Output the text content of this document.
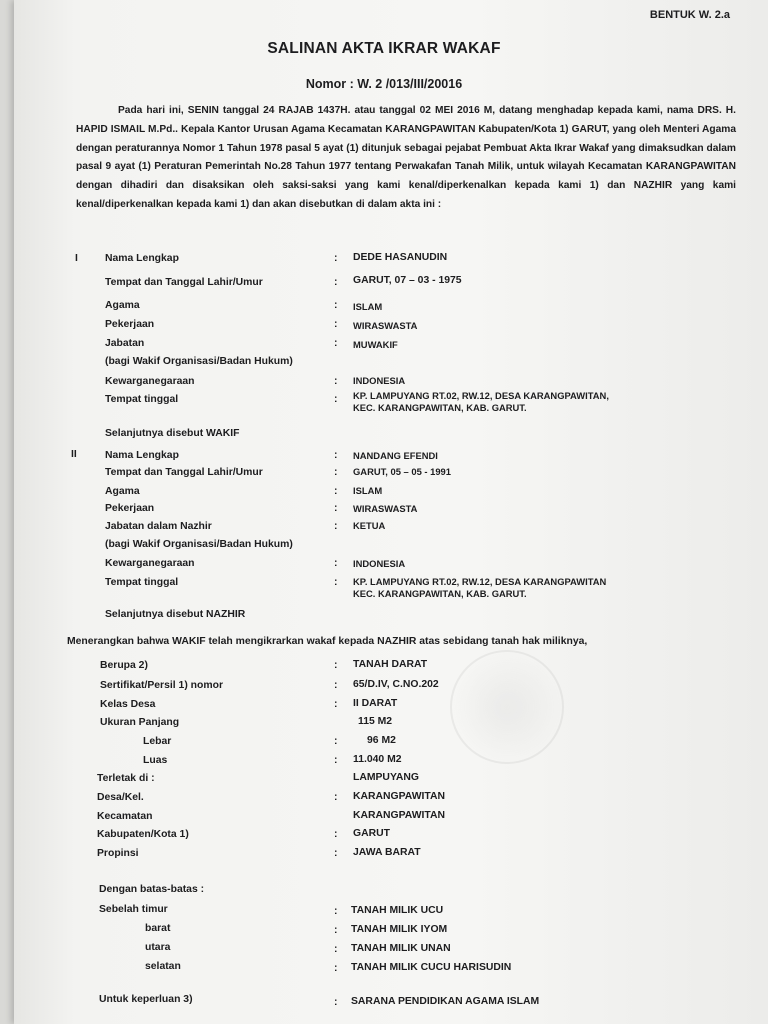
BENTUK W. 2.a
SALINAN AKTA IKRAR WAKAF
Nomor : W. 2 /013/III/20016
Pada hari ini, SENIN tanggal 24 RAJAB 1437H. atau tanggal 02 MEI 2016 M, datang menghadap kepada kami, nama DRS. H. HAPID ISMAIL M.Pd.. Kepala Kantor Urusan Agama Kecamatan KARANGPAWITAN Kabupaten/Kota 1) GARUT, yang oleh Menteri Agama dengan peraturannya Nomor 1 Tahun 1978 pasal 5 ayat (1) ditunjuk sebagai pejabat Pembuat Akta Ikrar Wakaf yang dimaksudkan dalam pasal 9 ayat (1) Peraturan Pemerintah No.28 Tahun 1977 tentang Perwakafan Tanah Milik, untuk wilayah Kecamatan KARANGPAWITAN dengan dihadiri dan disaksikan oleh saksi-saksi yang kami kenal/diperkenalkan kepada kami 1) dan NAZHIR yang kami kenal/diperkenalkan kepada kami 1) dan akan disebutkan di dalam akta ini :
I	Nama Lengkap	: DEDE HASANUDIN
Tempat dan Tanggal Lahir/Umur	: GARUT, 07 – 03 - 1975
Agama	: ISLAM
Pekerjaan	: WIRASWASTA
Jabatan	: MUWAKIF
(bagi Wakif Organisasi/Badan Hukum)
Kewarganegaraan	: INDONESIA
Tempat tinggal	: KP. LAMPUYANG RT.02, RW.12, DESA KARANGPAWITAN,
KEC. KARANGPAWITAN, KAB. GARUT.
Selanjutnya disebut WAKIF
II	Nama Lengkap	: NANDANG EFENDI
Tempat dan Tanggal Lahir/Umur	: GARUT, 05 – 05 - 1991
Agama	: ISLAM
Pekerjaan	: WIRASWASTA
Jabatan dalam Nazhir	: KETUA
(bagi Wakif Organisasi/Badan Hukum)
Kewarganegaraan	: INDONESIA
Tempat tinggal	: KP. LAMPUYANG RT.02, RW.12, DESA KARANGPAWITAN
KEC. KARANGPAWITAN, KAB. GARUT.
Selanjutnya disebut NAZHIR
Menerangkan bahwa WAKIF telah mengikrarkan wakaf kepada NAZHIR atas sebidang tanah hak miliknya,
Berupa 2)	: TANAH DARAT
Sertifikat/Persil 1) nomor	: 65/D.IV, C.NO.202
Kelas Desa	: II DARAT
Ukuran Panjang	115 M2
Lebar	:	96 M2
Luas	: 11.040 M2
Terletak di :	LAMPUYANG
Desa/Kel.	: KARANGPAWITAN
Kecamatan	KARANGPAWITAN
Kabupaten/Kota 1)	: GARUT
Propinsi	: JAWA BARAT
Dengan batas-batas :
Sebelah timur	: TANAH MILIK UCU
barat	: TANAH MILIK IYOM
utara	: TANAH MILIK UNAN
selatan	: TANAH MILIK CUCU HARISUDIN
Untuk keperluan 3)	: SARANA PENDIDIKAN AGAMA ISLAM
